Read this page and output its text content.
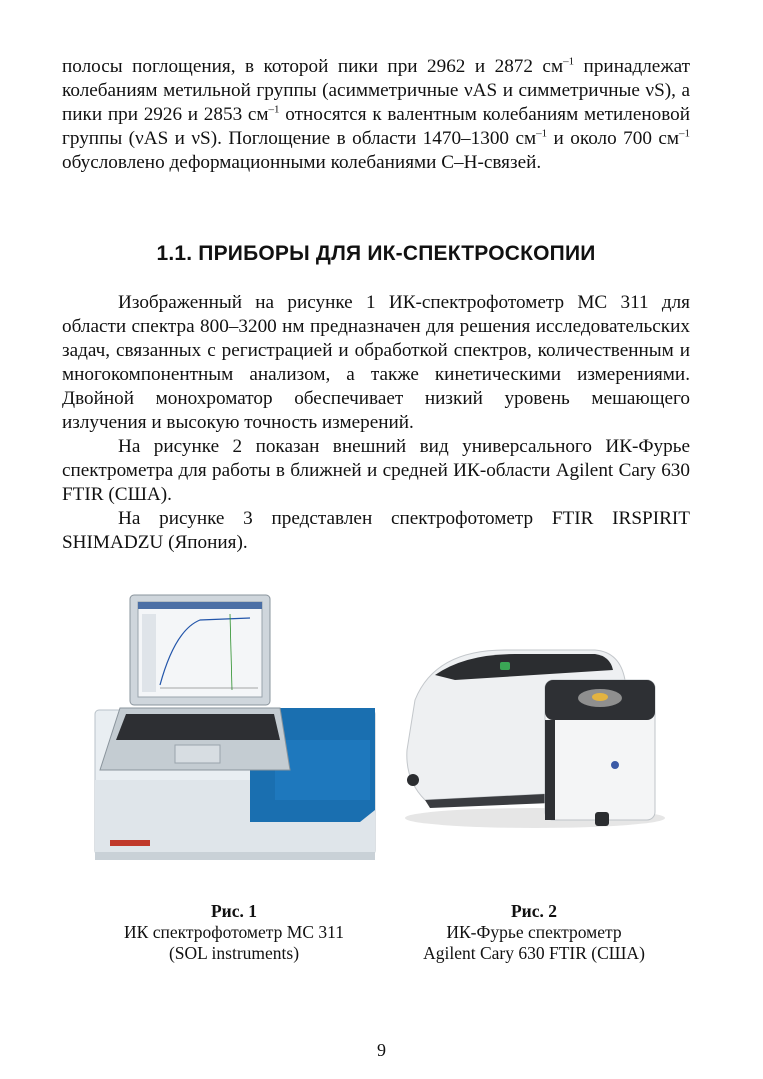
полосы поглощения, в которой пики при 2962 и 2872 $см^{-1}$ принадлежат колебаниям метильной группы (асимметричные νAS и симметричные νS), а пики при 2926 и 2853 $см^{-1}$ относятся к валентным колебаниям метиленовой группы (νAS и νS). Поглощение в области 1470–1300 $см^{-1}$ и около 700 $см^{-1}$ обусловлено деформационными колебаниями С–Н-связей.
1.1. ПРИБОРЫ ДЛЯ ИК-СПЕКТРОСКОПИИ

Изображенный на рисунке 1 ИК-спектрофотометр МС 311 для области спектра 800–3200 нм предназначен для решения исследовательских задач, связанных с регистрацией и обработкой спектров, количественным и многокомпонентным анализом, а также кинетическими измерениями. Двойной монохроматор обеспечивает низкий уровень мешающего излучения и высокую точность измерений.

На рисунке 2 показан внешний вид универсального ИК-Фурье спектрометра для работы в ближней и средней ИК-области Agilent Cary 630 FTIR (США).

На рисунке 3 представлен спектрофотометр FTIR IRSPIRIT SHIMADZU (Япония).

Рис. 1
ИК спектрофотометр МС 311
(SOL instruments)
Рис. 2
ИК-Фурье спектрометр
Agilent Cary 630 FTIR (США)
9
